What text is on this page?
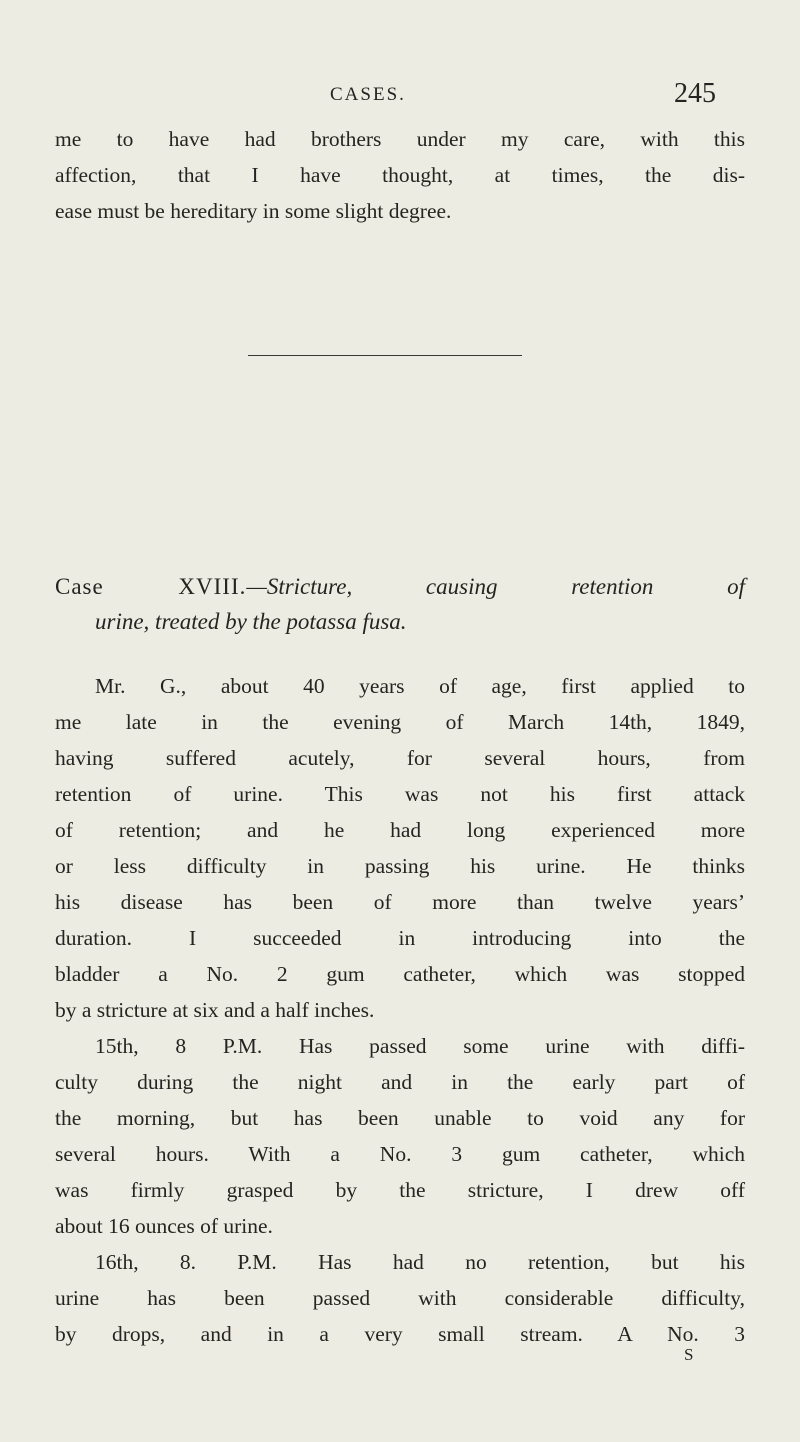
CASES.	245
me to have had brothers under my care, with this
affection, that I have thought, at times, the dis-
ease must be hereditary in some slight degree.
Case XVIII.—Stricture, causing retention of
urine, treated by the potassa fusa.
Mr. G., about 40 years of age, first applied to
me late in the evening of March 14th, 1849,
having suffered acutely, for several hours, from
retention of urine. This was not his first attack
of retention; and he had long experienced more
or less difficulty in passing his urine. He thinks
his disease has been of more than twelve years’
duration. I succeeded in introducing into the
bladder a No. 2 gum catheter, which was stopped
by a stricture at six and a half inches.
15th, 8 P.M. Has passed some urine with diffi-
culty during the night and in the early part of
the morning, but has been unable to void any for
several hours. With a No. 3 gum catheter, which
was firmly grasped by the stricture, I drew off
about 16 ounces of urine.
16th, 8. P.M. Has had no retention, but his
urine has been passed with considerable difficulty,
by drops, and in a very small stream. A No. 3
S
